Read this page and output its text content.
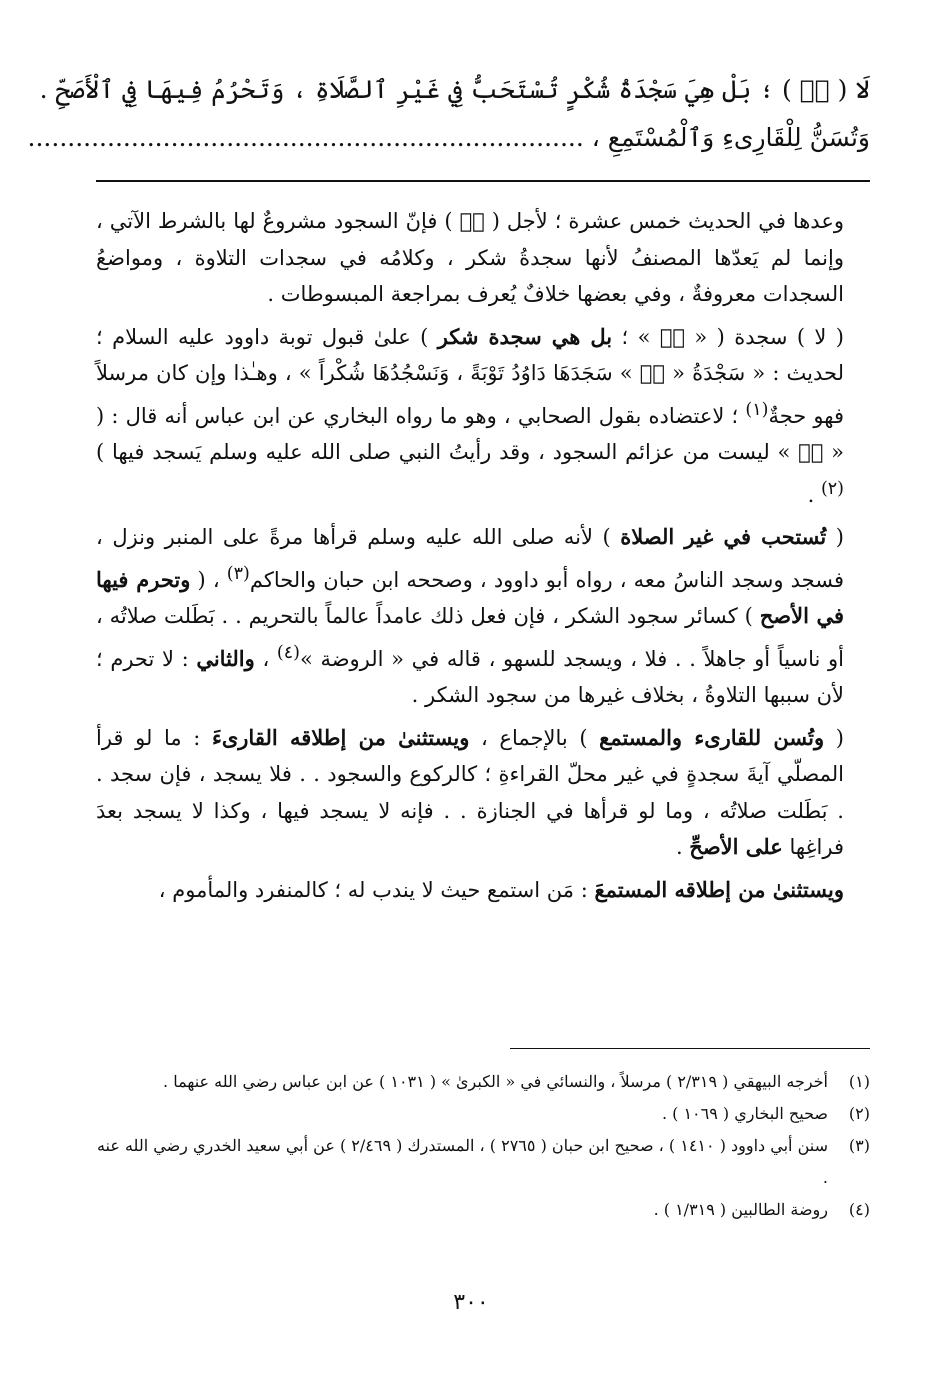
لَا ( صۤ ) ؛ بَلْ هِيَ سَجْدَةُ شُكْرٍ تُسْتَحَبُّ فِي غَيْرِ ٱلصَّلَاةِ ، وَتَحْرُمُ فِيهَا فِي ٱلْأَصَحِّ .
وَتُسَنُّ لِلْقَارِىءِ وَٱلْمُسْتَمِعِ ، ......................................................................

وعدها في الحديث خمس عشرة ؛ لأجل ( صۤ ) فإنّ السجود مشروعٌ لها بالشرط الآتي ، وإنما لم يَعدّها المصنفُ لأنها سجدةُ شكر ، وكلامُه في سجدات التلاوة ، ومواضعُ السجدات معروفةٌ ، وفي بعضها خلافٌ يُعرف بمراجعة المبسوطات .

( لا ) سجدة ( « صۤ » ؛ بل هي سجدة شكر ) علىٰ قبول توبة داوود عليه السلام ؛ لحديث : « سَجْدَةُ « صۤ » سَجَدَهَا دَاوُدُ تَوْبَةً ، وَنَسْجُدُهَا شُكْراً » ، وهـٰذا وإن كان مرسلاً فهو حجةٌ$^{(١)}$ ؛ لاعتضاده بقول الصحابي ، وهو ما رواه البخاري عن ابن عباس أنه قال : ( « صۤ » ليست من عزائم السجود ، وقد رأيتُ النبي صلى الله عليه وسلم يَسجد فيها )$^{(٢)}$ .

( تُستحب في غير الصلاة ) لأنه صلى الله عليه وسلم قرأها مرةً على المنبر ونزل ، فسجد وسجد الناسُ معه ، رواه أبو داوود ، وصححه ابن حبان والحاكم$^{(٣)}$ ، ( وتحرم فيها في الأصح ) كسائر سجود الشكر ، فإن فعل ذلك عامداً عالماً بالتحريم . . بَطَلت صلاتُه ، أو ناسياً أو جاهلاً . . فلا ، ويسجد للسهو ، قاله في « الروضة »$^{(٤)}$ ، والثاني : لا تحرم ؛ لأن سببها التلاوةُ ، بخلاف غيرها من سجود الشكر .

( وتُسن للقارىء والمستمع ) بالإجماع ، ويستثنىٰ من إطلاقه القارىءَ : ما لو قرأ المصلّي آيةَ سجدةٍ في غير محلّ القراءةِ ؛ كالركوع والسجود . . فلا يسجد ، فإن سجد . . بَطَلت صلاتُه ، وما لو قرأها في الجنازة . . فإنه لا يسجد فيها ، وكذا لا يسجد بعدَ فراغِها على الأصحِّ .

ويستثنىٰ من إطلاقه المستمعَ : مَن استمع حيث لا يندب له ؛ كالمنفرد والمأموم ،

(١)
أخرجه البيهقي ( ٢/٣١٩ ) مرسلاً ، والنسائي في « الكبرىٰ » ( ١٠٣١ ) عن ابن عباس رضي الله عنهما .
(٢)
صحيح البخاري ( ١٠٦٩ ) .
(٣)
سنن أبي داوود ( ١٤١٠ ) ، صحيح ابن حبان ( ٢٧٦٥ ) ، المستدرك ( ٢/٤٦٩ ) عن أبي سعيد الخدري رضي الله عنه .
(٤)
روضة الطالبين ( ١/٣١٩ ) .
٣٠٠
